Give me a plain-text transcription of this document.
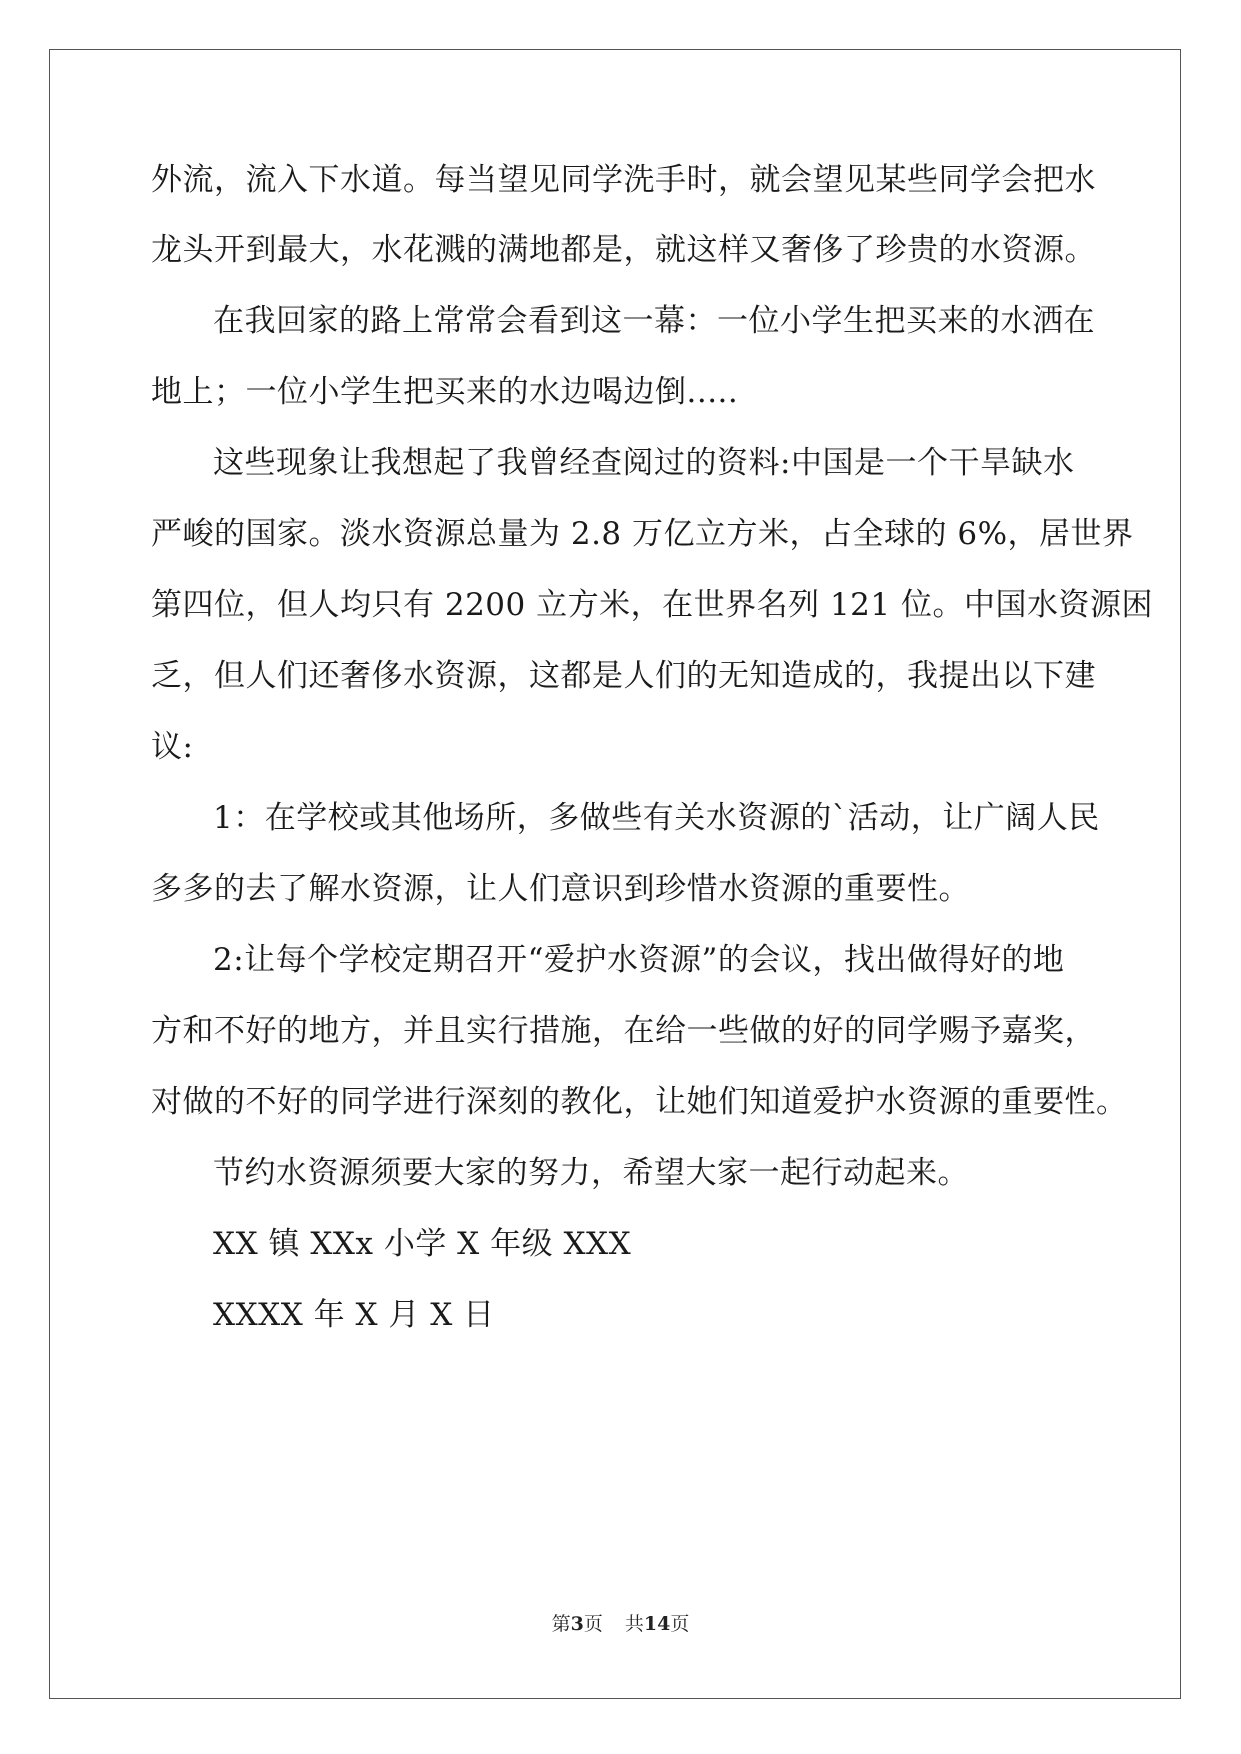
外流，流入下水道。每当望见同学洗手时，就会望见某些同学会把水
龙头开到最大，水花溅的满地都是，就这样又奢侈了珍贵的水资源。
在我回家的路上常常会看到这一幕：一位小学生把买来的水洒在
地上；一位小学生把买来的水边喝边倒.....
这些现象让我想起了我曾经查阅过的资料:中国是一个干旱缺水
严峻的国家。淡水资源总量为 2.8 万亿立方米，占全球的 6%，居世界
第四位，但人均只有 2200 立方米，在世界名列 121 位。中国水资源困
乏，但人们还奢侈水资源，这都是人们的无知造成的，我提出以下建
议:
1：在学校或其他场所，多做些有关水资源的`活动，让广阔人民
多多的去了解水资源，让人们意识到珍惜水资源的重要性。
2:让每个学校定期召开“爱护水资源”的会议，找出做得好的地
方和不好的地方，并且实行措施，在给一些做的好的同学赐予嘉奖，
对做的不好的同学进行深刻的教化，让她们知道爱护水资源的重要性。
节约水资源须要大家的努力，希望大家一起行动起来。
XX 镇 XXx 小学 X 年级 XXX
XXXX 年 X 月 X 日
第3页 共14页
